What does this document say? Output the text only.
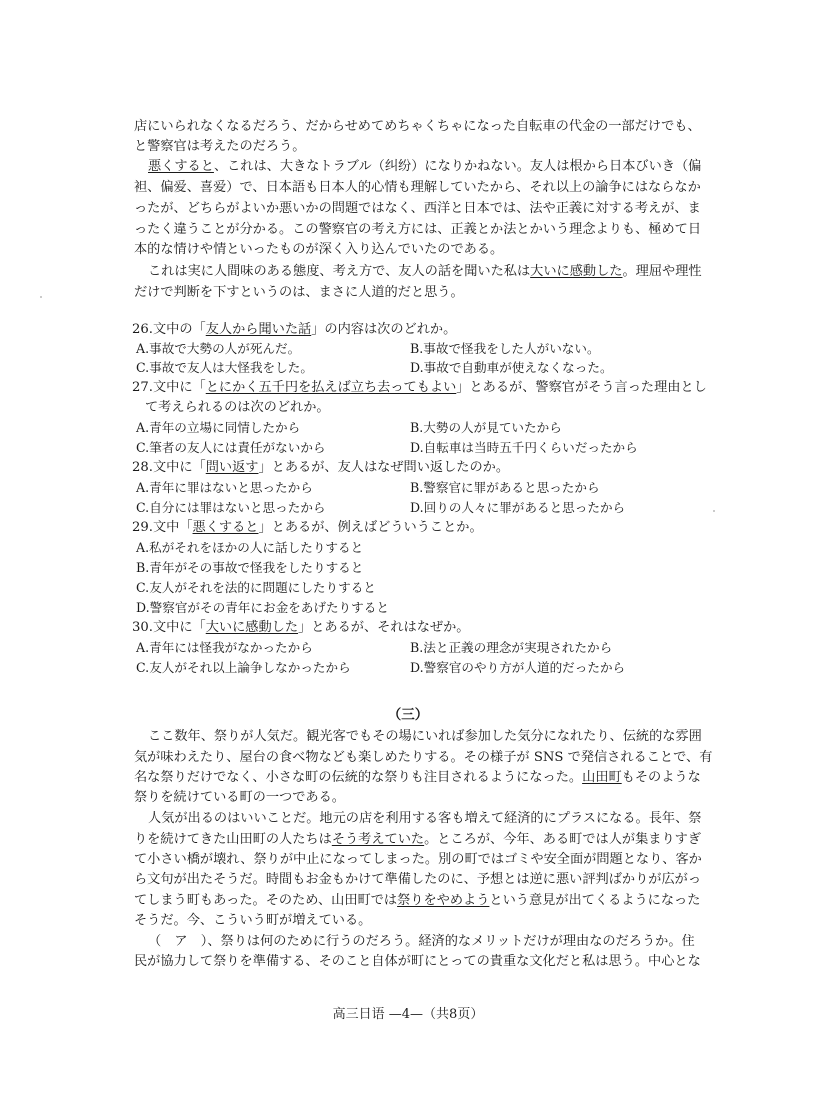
店にいられなくなるだろう、だからせめてめちゃくちゃになった自転車の代金の一部だけでも、
と警察官は考えたのだろう。
悪くすると、これは、大きなトラブル（纠纷）になりかねない。友人は根から日本びいき（偏
袒、偏爱、喜爱）で、日本語も日本人的心情も理解していたから、それ以上の論争にはならなか
ったが、どちらがよいか悪いかの問題ではなく、西洋と日本では、法や正義に対する考えが、ま
ったく違うことが分かる。この警察官の考え方には、正義とか法とかいう理念よりも、極めて日
本的な情けや情といったものが深く入り込んでいたのである。
これは実に人間味のある態度、考え方で、友人の話を聞いた私は大いに感動した。理屈や理性
だけで判断を下すというのは、まさに人道的だと思う。
26.文中の「友人から聞いた話」の内容は次のどれか。
A.事故で大勢の人が死んだ。	B.事故で怪我をした人がいない。
C.事故で友人は大怪我をした。	D.事故で自動車が使えなくなった。
27.文中に「とにかく五千円を払えば立ち去ってもよい」とあるが、警察官がそう言った理由とし
て考えられるのは次のどれか。
A.青年の立場に同情したから	B.大勢の人が見ていたから
C.筆者の友人には責任がないから	D.自転車は当時五千円くらいだったから
28.文中に「問い返す」とあるが、友人はなぜ問い返したのか。
A.青年に罪はないと思ったから	B.警察官に罪があると思ったから
C.自分には罪はないと思ったから	D.回りの人々に罪があると思ったから
29.文中「悪くすると」とあるが、例えばどういうことか。
A.私がそれをほかの人に話したりすると
B.青年がその事故で怪我をしたりすると
C.友人がそれを法的に問題にしたりすると
D.警察官がその青年にお金をあげたりすると
30.文中に「大いに感動した」とあるが、それはなぜか。
A.青年には怪我がなかったから	B.法と正義の理念が実現されたから
C.友人がそれ以上論争しなかったから	D.警察官のやり方が人道的だったから
（三）
ここ数年、祭りが人気だ。観光客でもその場にいれば参加した気分になれたり、伝統的な雰囲
気が味わえたり、屋台の食べ物なども楽しめたりする。その様子が SNS で発信されることで、有
名な祭りだけでなく、小さな町の伝統的な祭りも注目されるようになった。山田町もそのような
祭りを続けている町の一つである。
人気が出るのはいいことだ。地元の店を利用する客も増えて経済的にプラスになる。長年、祭
りを続けてきた山田町の人たちはそう考えていた。ところが、今年、ある町では人が集まりすぎ
て小さい橋が壊れ、祭りが中止になってしまった。別の町ではゴミや安全面が問題となり、客か
ら文句が出たそうだ。時間もお金もかけて準備したのに、予想とは逆に悪い評判ばかりが広がっ
てしまう町もあった。そのため、山田町では祭りをやめようという意見が出てくるようになった
そうだ。今、こういう町が増えている。
（　ア　）、祭りは何のために行うのだろう。経済的なメリットだけが理由なのだろうか。住
民が協力して祭りを準備する、そのこと自体が町にとっての貴重な文化だと私は思う。中心とな
高三日语 —4—（共8页）
